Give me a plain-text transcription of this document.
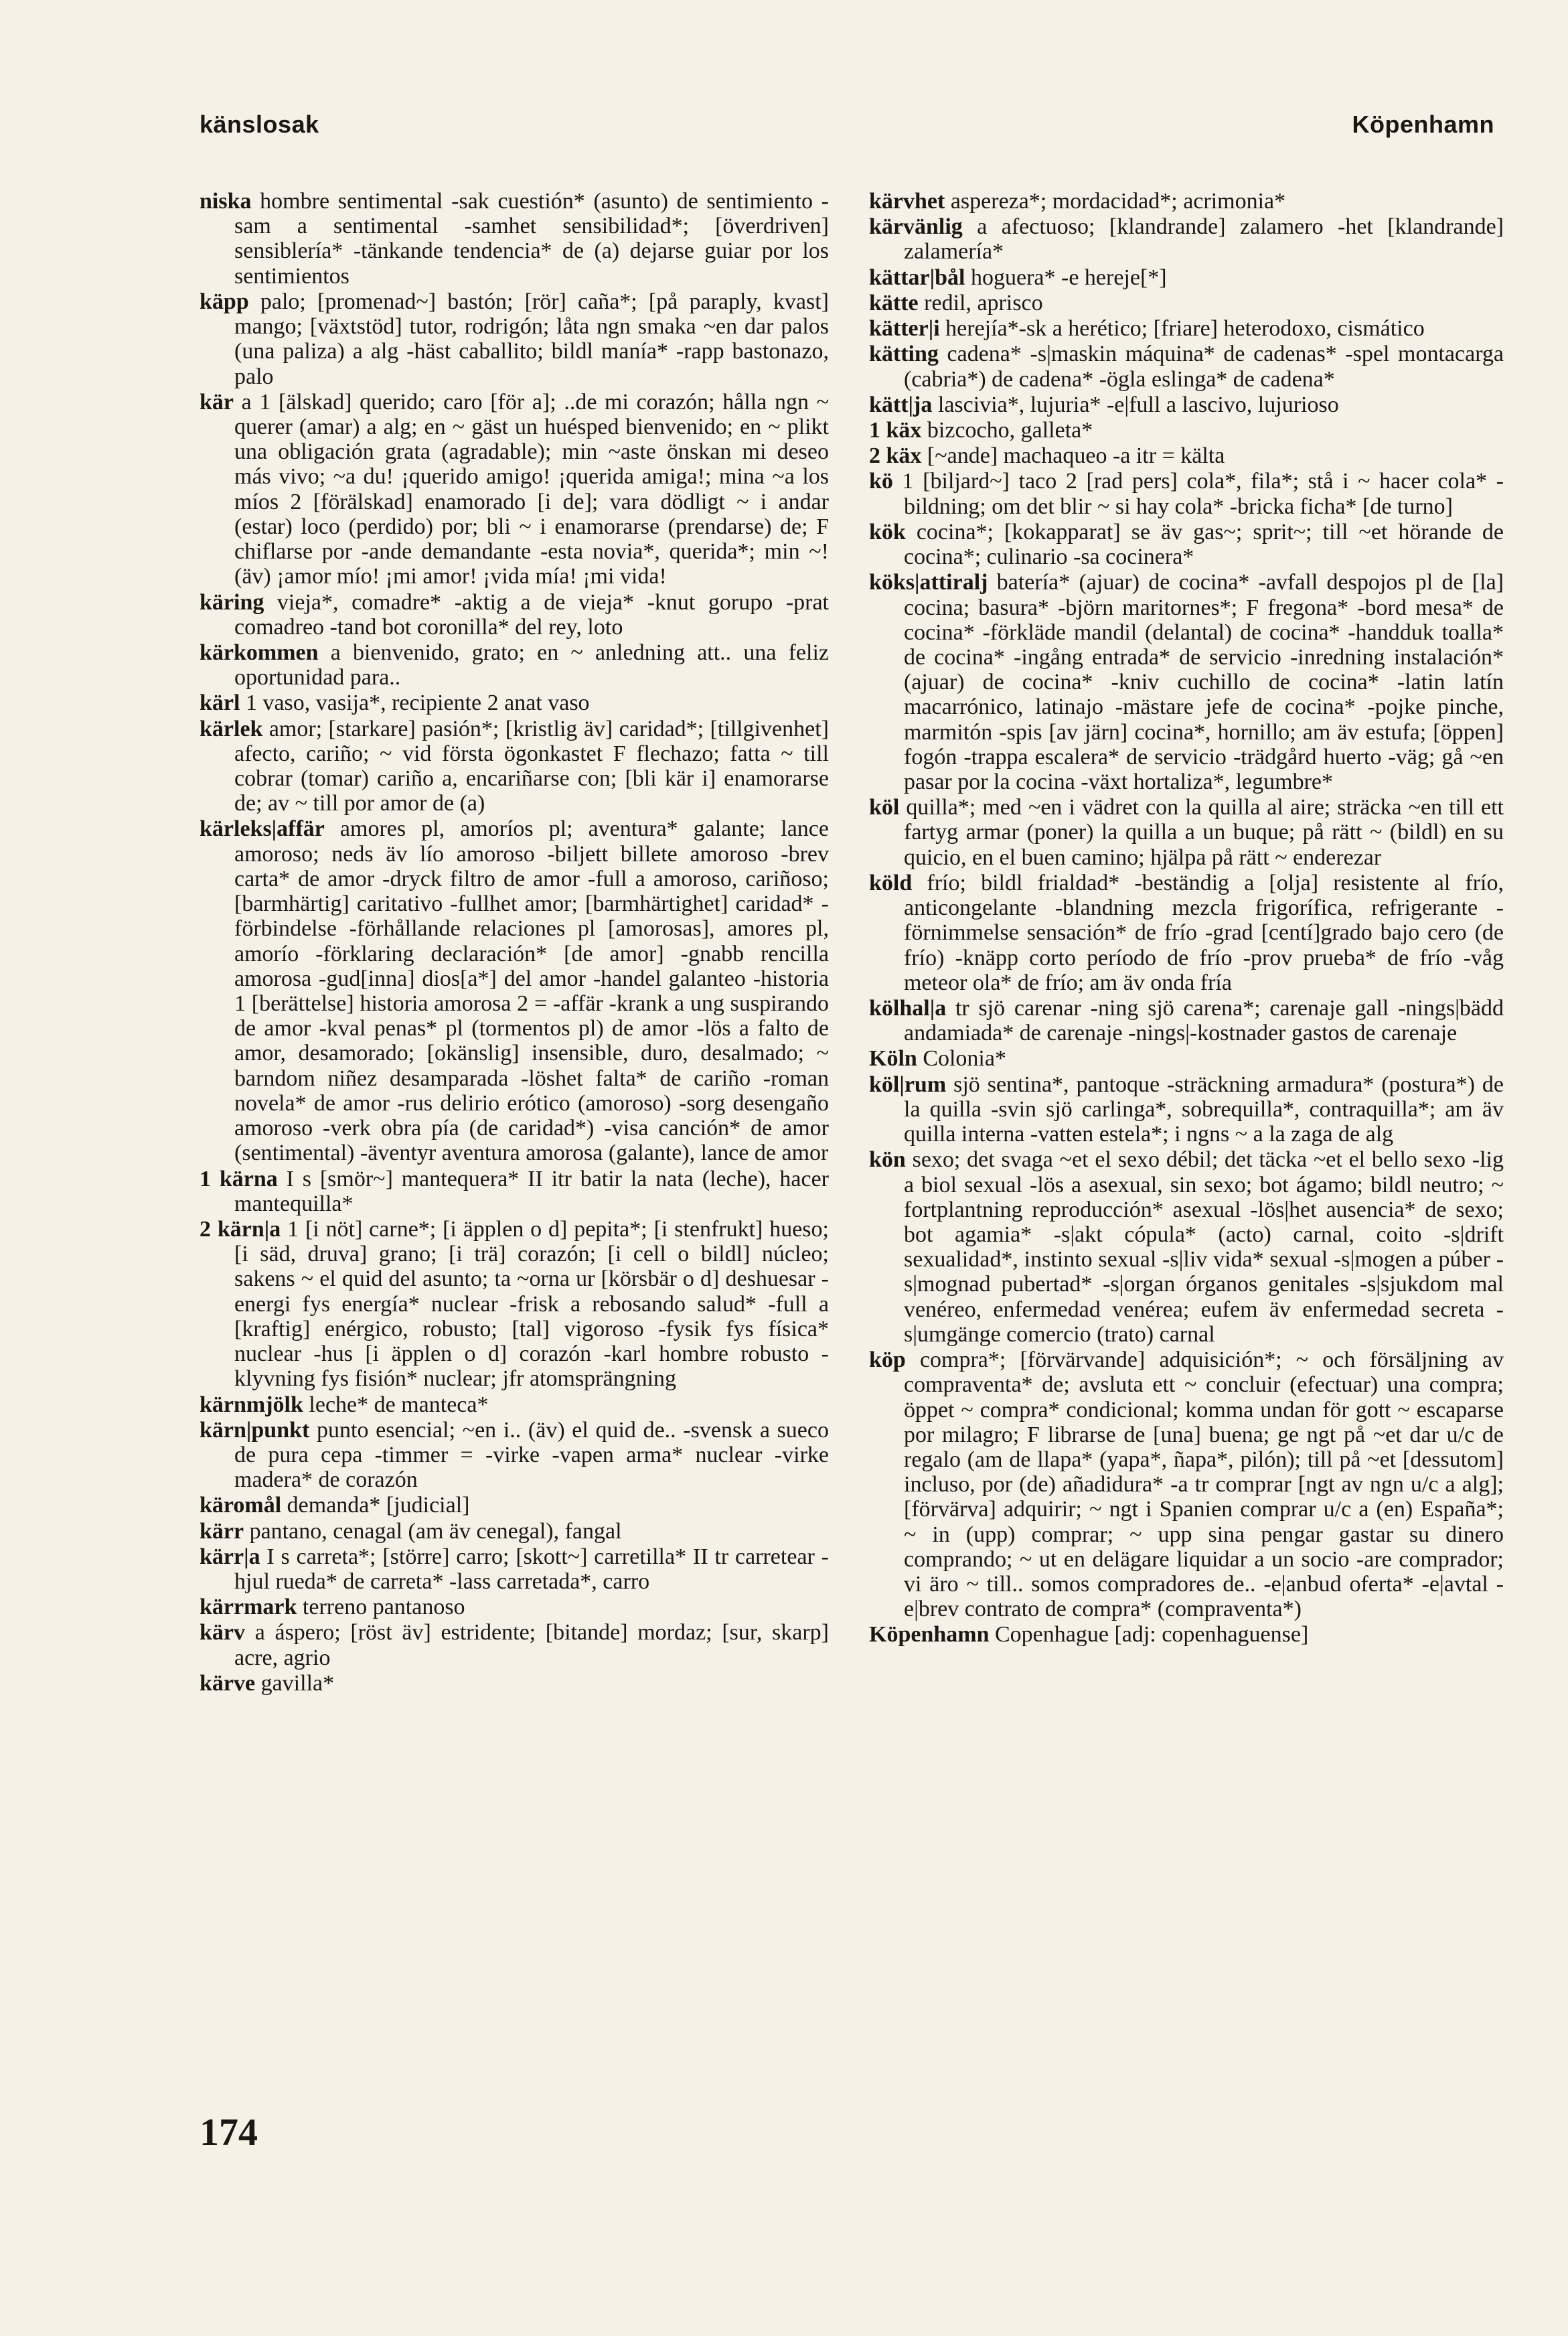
känslosak	Köpenhamn

niska hombre sentimental -sak cuestión* (asunto) de sentimiento -sam a sentimental -samhet sensibilidad*; [överdriven] sensiblería* -tänkande tendencia* de (a) dejarse guiar por los sentimientos

käpp palo; [promenad~] bastón; [rör] caña*; [på paraply, kvast] mango; [växtstöd] tutor, rodrigón; låta ngn smaka ~en dar palos (una paliza) a alg -häst caballito; bildl manía* -rapp bastonazo, palo

kär a 1 [älskad] querido; caro [för a]; ..de mi corazón; hålla ngn ~ querer (amar) a alg; en ~ gäst un huésped bienvenido; en ~ plikt una obligación grata (agradable); min ~aste önskan mi deseo más vivo; ~a du! ¡querido amigo! ¡querida amiga!; mina ~a los míos 2 [förälskad] enamorado [i de]; vara dödligt ~ i andar (estar) loco (perdido) por; bli ~ i enamorarse (prendarse) de; F chiflarse por -ande demandante -esta novia*, querida*; min ~! (äv) ¡amor mío! ¡mi amor! ¡vida mía! ¡mi vida!

käring vieja*, comadre* -aktig a de vieja* -knut gorupo -prat comadreo -tand bot coronilla* del rey, loto

kärkommen a bienvenido, grato; en ~ anledning att.. una feliz oportunidad para..

kärl 1 vaso, vasija*, recipiente 2 anat vaso

kärlek amor; [starkare] pasión*; [kristlig äv] caridad*; [tillgivenhet] afecto, cariño; ~ vid första ögonkastet F flechazo; fatta ~ till cobrar (tomar) cariño a, encariñarse con; [bli kär i] enamorarse de; av ~ till por amor de (a)

kärleks|affär amores pl, amoríos pl; aventura* galante; lance amoroso; neds äv lío amoroso -biljett billete amoroso -brev carta* de amor -dryck filtro de amor -full a amoroso, cariñoso; [barmhärtig] caritativo -fullhet amor; [barmhärtighet] caridad* -förbindelse -förhållande relaciones pl [amorosas], amores pl, amorío -förklaring declaración* [de amor] -gnabb rencilla amorosa -gud[inna] dios[a*] del amor -handel galanteo -historia 1 [berättelse] historia amorosa 2 = -affär -krank a ung suspirando de amor -kval penas* pl (tormentos pl) de amor -lös a falto de amor, desamorado; [okänslig] insensible, duro, desalmado; ~ barndom niñez desamparada -löshet falta* de cariño -roman novela* de amor -rus delirio erótico (amoroso) -sorg desengaño amoroso -verk obra pía (de caridad*) -visa canción* de amor (sentimental) -äventyr aventura amorosa (galante), lance de amor

1 kärna I s [smör~] mantequera* II itr batir la nata (leche), hacer mantequilla*

2 kärn|a 1 [i nöt] carne*; [i äpplen o d] pepita*; [i stenfrukt] hueso; [i säd, druva] grano; [i trä] corazón; [i cell o bildl] núcleo; sakens ~ el quid del asunto; ta ~orna ur [körsbär o d] deshuesar -energi fys energía* nuclear -frisk a rebosando salud* -full a [kraftig] enérgico, robusto; [tal] vigoroso -fysik fys física* nuclear -hus [i äpplen o d] corazón -karl hombre robusto -klyvning fys fisión* nuclear; jfr atomsprängning

kärnmjölk leche* de manteca*

kärn|punkt punto esencial; ~en i.. (äv) el quid de.. -svensk a sueco de pura cepa -timmer = -virke -vapen arma* nuclear -virke madera* de corazón

käromål demanda* [judicial]

kärr pantano, cenagal (am äv cenegal), fangal

kärr|a I s carreta*; [större] carro; [skott~] carretilla* II tr carretear -hjul rueda* de carreta* -lass carretada*, carro

kärrmark terreno pantanoso

kärv a áspero; [röst äv] estridente; [bitande] mordaz; [sur, skarp] acre, agrio

kärve gavilla*

kärvhet aspereza*; mordacidad*; acrimonia*

kärvänlig a afectuoso; [klandrande] zalamero -het [klandrande] zalamería*

kättar|bål hoguera* -e hereje[*]

kätte redil, aprisco

kätter|i herejía*-sk a herético; [friare] heterodoxo, cismático

kätting cadena* -s|maskin máquina* de cadenas* -spel montacarga (cabria*) de cadena* -ögla eslinga* de cadena*

kätt|ja lascivia*, lujuria* -e|full a lascivo, lujurioso

1 käx bizcocho, galleta*

2 käx [~ande] machaqueo -a itr = kälta

kö 1 [biljard~] taco 2 [rad pers] cola*, fila*; stå i ~ hacer cola* -bildning; om det blir ~ si hay cola* -bricka ficha* [de turno]

kök cocina*; [kokapparat] se äv gas~; sprit~; till ~et hörande de cocina*; culinario -sa cocinera*

köks|attiralj batería* (ajuar) de cocina* -avfall despojos pl de [la] cocina; basura* -björn maritornes*; F fregona* -bord mesa* de cocina* -förkläde mandil (delantal) de cocina* -handduk toalla* de cocina* -ingång entrada* de servicio -inredning instalación* (ajuar) de cocina* -kniv cuchillo de cocina* -latin latín macarrónico, latinajo -mästare jefe de cocina* -pojke pinche, marmitón -spis [av järn] cocina*, hornillo; am äv estufa; [öppen] fogón -trappa escalera* de servicio -trädgård huerto -väg; gå ~en pasar por la cocina -växt hortaliza*, legumbre*

köl quilla*; med ~en i vädret con la quilla al aire; sträcka ~en till ett fartyg armar (poner) la quilla a un buque; på rätt ~ (bildl) en su quicio, en el buen camino; hjälpa på rätt ~ enderezar

köld frío; bildl frialdad* -beständig a [olja] resistente al frío, anticongelante -blandning mezcla frigorífica, refrigerante -förnimmelse sensación* de frío -grad [centí]grado bajo cero (de frío) -knäpp corto período de frío -prov prueba* de frío -våg meteor ola* de frío; am äv onda fría

kölhal|a tr sjö carenar -ning sjö carena*; carenaje gall -nings|bädd andamiada* de carenaje -nings|-kostnader gastos de carenaje

Köln Colonia*

köl|rum sjö sentina*, pantoque -sträckning armadura* (postura*) de la quilla -svin sjö carlinga*, sobrequilla*, contraquilla*; am äv quilla interna -vatten estela*; i ngns ~ a la zaga de alg

kön sexo; det svaga ~et el sexo débil; det täcka ~et el bello sexo -lig a biol sexual -lös a asexual, sin sexo; bot ágamo; bildl neutro; ~ fortplantning reproducción* asexual -lös|het ausencia* de sexo; bot agamia* -s|akt cópula* (acto) carnal, coito -s|drift sexualidad*, instinto sexual -s|liv vida* sexual -s|mogen a púber -s|mognad pubertad* -s|organ órganos genitales -s|sjukdom mal venéreo, enfermedad venérea; eufem äv enfermedad secreta -s|umgänge comercio (trato) carnal

köp compra*; [förvärvande] adquisición*; ~ och försäljning av compraventa* de; avsluta ett ~ concluir (efectuar) una compra; öppet ~ compra* condicional; komma undan för gott ~ escaparse por milagro; F librarse de [una] buena; ge ngt på ~et dar u/c de regalo (am de llapa* (yapa*, ñapa*, pilón); till på ~et [dessutom] incluso, por (de) añadidura* -a tr comprar [ngt av ngn u/c a alg]; [förvärva] adquirir; ~ ngt i Spanien comprar u/c a (en) España*; ~ in (upp) comprar; ~ upp sina pengar gastar su dinero comprando; ~ ut en delägare liquidar a un socio -are comprador; vi äro ~ till.. somos compradores de.. -e|anbud oferta* -e|avtal -e|brev contrato de compra* (compraventa*)

Köpenhamn Copenhague [adj: copenhaguense]

174
